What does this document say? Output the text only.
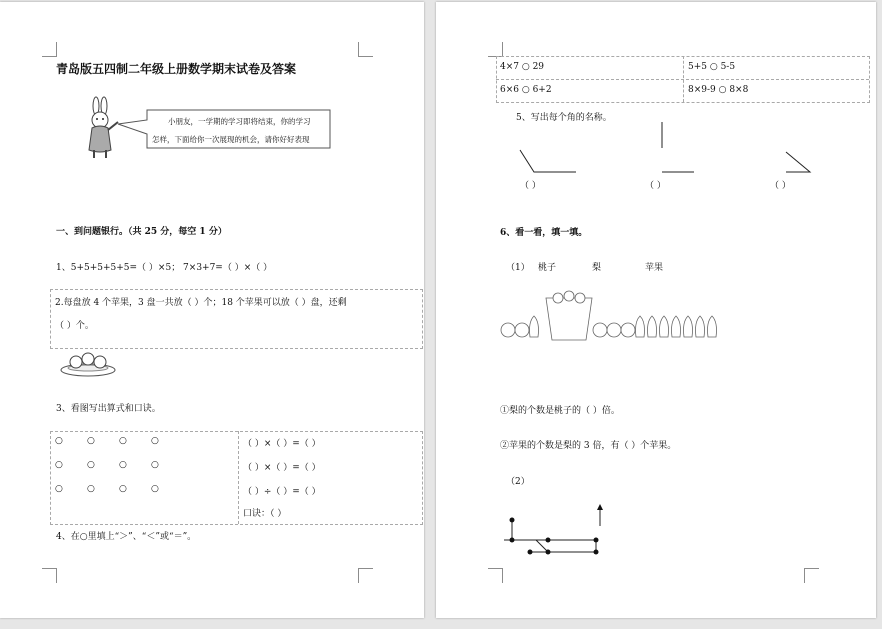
青岛版五四制二年级上册数学期末试卷及答案
小朋友，一学期的学习即将结束，你的学习
怎样，下面给你一次展现的机会，请你好好表现
一、到问题银行。（共 25 分，每空 1 分）
1、5+5+5+5+5=（ ）×5； 7×3+7=（ ）×（ ）
2.每盘放 4 个苹果，3 盘一共放（ ）个；18 个苹果可以放（ ）盘，还剩
（ ）个。
3、看图写出算式和口诀。
○	○	○	○
○	○	○	○
○	○	○	○
（ ）×（ ）=（ ）
（ ）×（ ）=（ ）
（ ）÷（ ）=（ ）
口诀：（ ）
4、在○里填上“＞”、“＜”或“＝”。
4×7 ○ 29	5+5 ○ 5-5
6×6 ○ 6+2	8×9-9 ○ 8×8
5、写出每个角的名称。
（ ）	（ ）	（ ）
6、看一看，填一填。
（1） 桃子	梨	苹果
①梨的个数是桃子的（ ）倍。
②苹果的个数是梨的 3 倍，有（ ）个苹果。
（2）
